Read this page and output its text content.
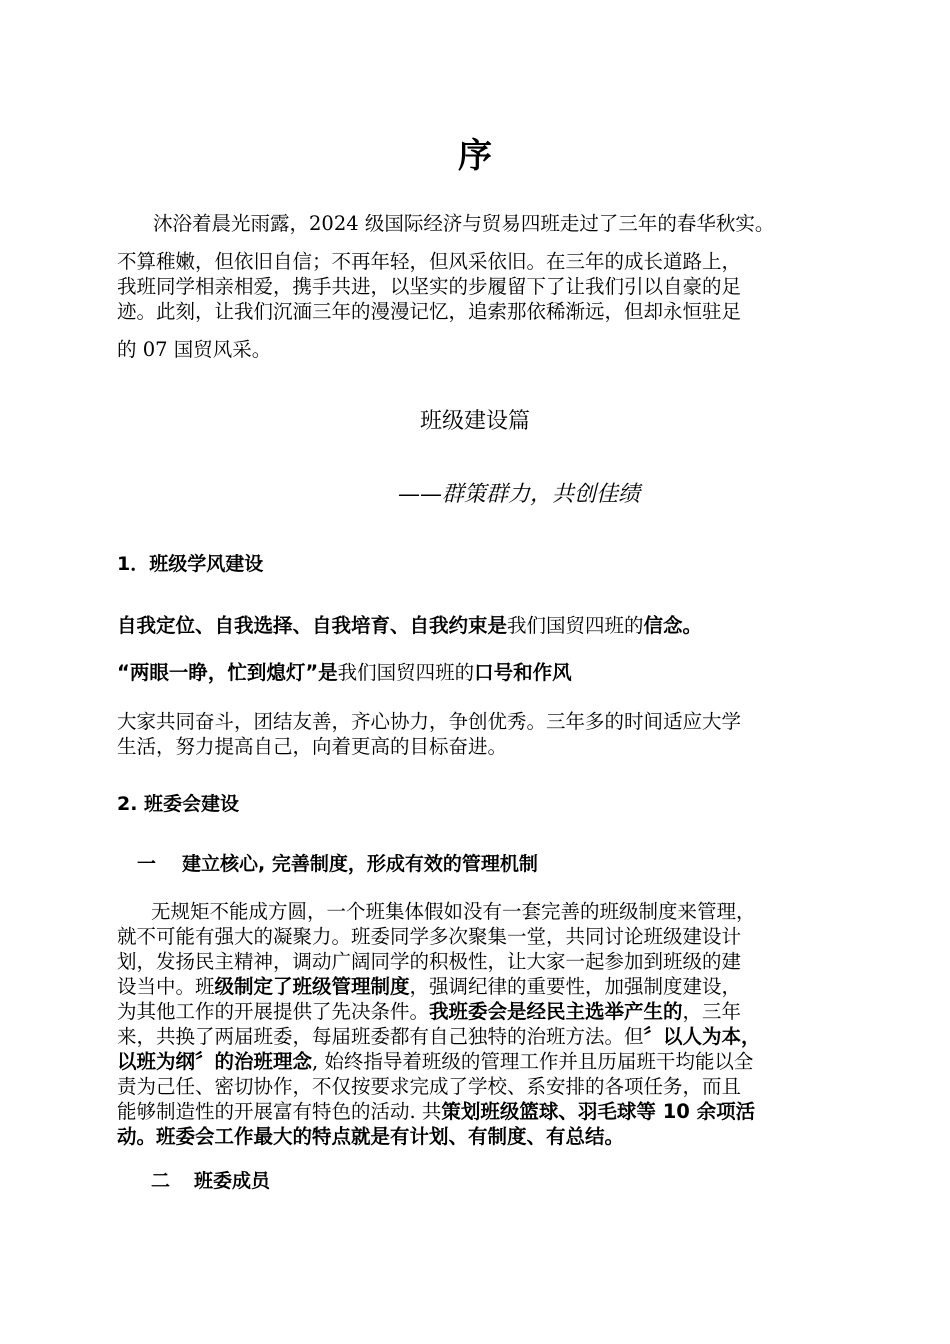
序
沐浴着晨光雨露，2024 级国际经济与贸易四班走过了三年的春华秋实。
不算稚嫩，但依旧自信；不再年轻，但风采依旧。在三年的成长道路上，
我班同学相亲相爱，携手共进，以坚实的步履留下了让我们引以自豪的足
迹。此刻，让我们沉湎三年的漫漫记忆，追索那依稀渐远，但却永恒驻足
的 07 国贸风采。
班级建设篇
——群策群力，共创佳绩
1．班级学风建设
自我定位、自我选择、自我培育、自我约束是我们国贸四班的信念。
“两眼一睁，忙到熄灯”是我们国贸四班的口号和作风
大家共同奋斗，团结友善，齐心协力，争创优秀。三年多的时间适应大学
生活，努力提高自己，向着更高的目标奋进。
2. 班委会建设
一 建立核心, 完善制度，形成有效的管理机制
无规矩不能成方圆，一个班集体假如没有一套完善的班级制度来管理，
就不可能有强大的凝聚力。班委同学多次聚集一堂，共同讨论班级建设计
划，发扬民主精神，调动广阔同学的积极性，让大家一起参加到班级的建
设当中。班级制定了班级管理制度，强调纪律的重要性，加强制度建设，
为其他工作的开展提供了先决条件。我班委会是经民主选举产生的，三年
来，共换了两届班委，每届班委都有自己独特的治班方法。但〞以人为本，
以班为纲〞的治班理念, 始终指导着班级的管理工作并且历届班干均能以全
责为己任、密切协作，不仅按要求完成了学校、系安排的各项任务，而且
能够制造性的开展富有特色的活动. 共策划班级篮球、羽毛球等 10 余项活
动。班委会工作最大的特点就是有计划、有制度、有总结。
二 班委成员
